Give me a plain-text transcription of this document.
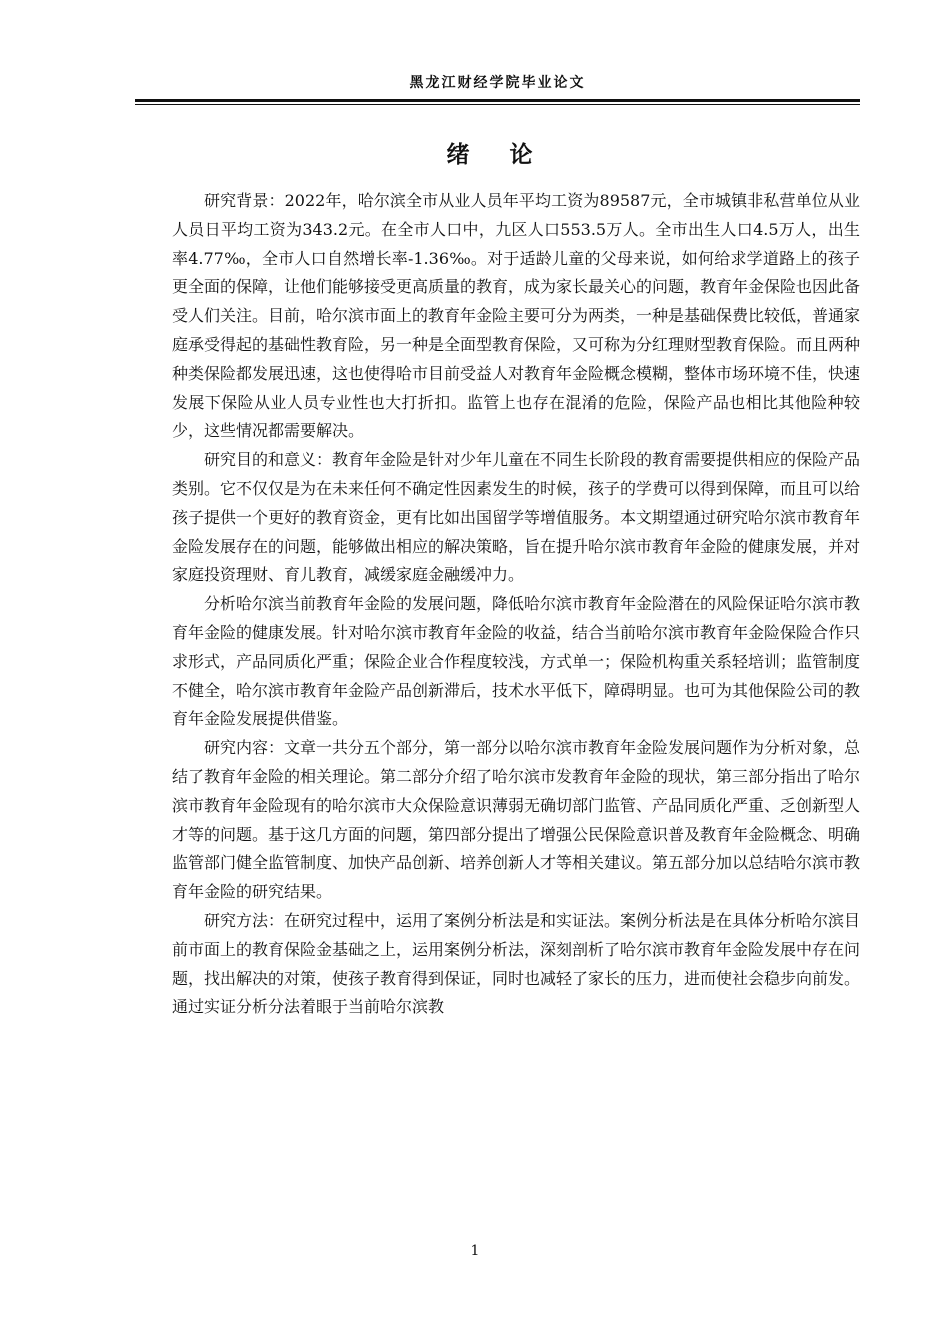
黑龙江财经学院毕业论文
绪 论

研究背景：2022年，哈尔滨全市从业人员年平均工资为89587元，全市城镇非私营单位从业人员日平均工资为343.2元。在全市人口中，九区人口553.5万人。全市出生人口4.5万人，出生率4.77‰，全市人口自然增长率-1.36‰。对于适龄儿童的父母来说，如何给求学道路上的孩子更全面的保障，让他们能够接受更高质量的教育，成为家长最关心的问题，教育年金保险也因此备受人们关注。目前，哈尔滨市面上的教育年金险主要可分为两类，一种是基础保费比较低，普通家庭承受得起的基础性教育险，另一种是全面型教育保险，又可称为分红理财型教育保险。而且两种种类保险都发展迅速，这也使得哈市目前受益人对教育年金险概念模糊，整体市场环境不佳，快速发展下保险从业人员专业性也大打折扣。监管上也存在混淆的危险，保险产品也相比其他险种较少，这些情况都需要解决。

研究目的和意义：教育年金险是针对少年儿童在不同生长阶段的教育需要提供相应的保险产品类别。它不仅仅是为在未来任何不确定性因素发生的时候，孩子的学费可以得到保障，而且可以给孩子提供一个更好的教育资金，更有比如出国留学等增值服务。本文期望通过研究哈尔滨市教育年金险发展存在的问题，能够做出相应的解决策略，旨在提升哈尔滨市教育年金险的健康发展，并对家庭投资理财、育儿教育，减缓家庭金融缓冲力。

分析哈尔滨当前教育年金险的发展问题，降低哈尔滨市教育年金险潜在的风险保证哈尔滨市教育年金险的健康发展。针对哈尔滨市教育年金险的收益，结合当前哈尔滨市教育年金险保险合作只求形式，产品同质化严重；保险企业合作程度较浅，方式单一；保险机构重关系轻培训；监管制度不健全，哈尔滨市教育年金险产品创新滞后，技术水平低下，障碍明显。也可为其他保险公司的教育年金险发展提供借鉴。

研究内容：文章一共分五个部分，第一部分以哈尔滨市教育年金险发展问题作为分析对象，总结了教育年金险的相关理论。第二部分介绍了哈尔滨市发教育年金险的现状，第三部分指出了哈尔滨市教育年金险现有的哈尔滨市大众保险意识薄弱无确切部门监管、产品同质化严重、乏创新型人才等的问题。基于这几方面的问题，第四部分提出了增强公民保险意识普及教育年金险概念、明确监管部门健全监管制度、加快产品创新、培养创新人才等相关建议。第五部分加以总结哈尔滨市教育年金险的研究结果。

研究方法：在研究过程中，运用了案例分析法是和实证法。案例分析法是在具体分析哈尔滨目前市面上的教育保险金基础之上，运用案例分析法，深刻剖析了哈尔滨市教育年金险发展中存在问题，找出解决的对策，使孩子教育得到保证，同时也减轻了家长的压力，进而使社会稳步向前发。通过实证分析分法着眼于当前哈尔滨教

1
